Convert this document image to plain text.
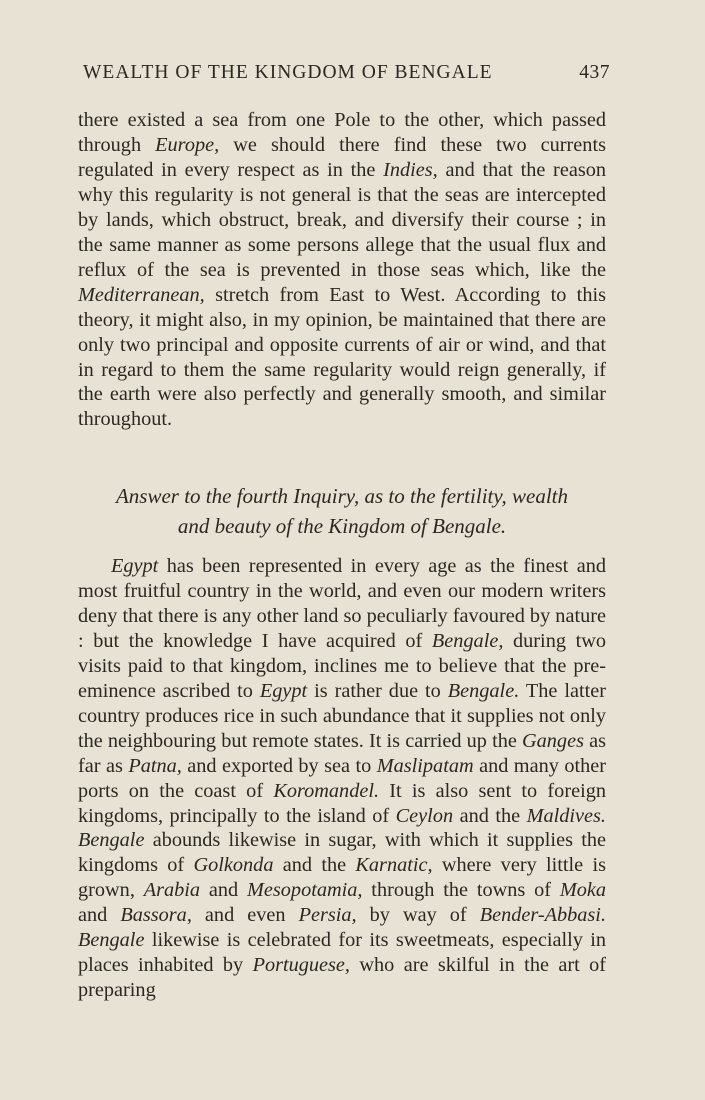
WEALTH OF THE KINGDOM OF BENGALE	437

there existed a sea from one Pole to the other, which passed through Europe, we should there find these two currents regulated in every respect as in the Indies, and that the reason why this regularity is not general is that the seas are intercepted by lands, which obstruct, break, and diversify their course ; in the same manner as some persons allege that the usual flux and reflux of the sea is prevented in those seas which, like the Mediterranean, stretch from East to West. According to this theory, it might also, in my opinion, be maintained that there are only two principal and opposite currents of air or wind, and that in regard to them the same regularity would reign generally, if the earth were also perfectly and generally smooth, and similar throughout.

Answer to the fourth Inquiry, as to the fertility, wealth

and beauty of the Kingdom of Bengale.

Egypt has been represented in every age as the finest and most fruitful country in the world, and even our modern writers deny that there is any other land so peculiarly favoured by nature : but the knowledge I have acquired of Bengale, during two visits paid to that kingdom, inclines me to believe that the pre-eminence ascribed to Egypt is rather due to Bengale. The latter country produces rice in such abundance that it supplies not only the neighbouring but remote states. It is carried up the Ganges as far as Patna, and exported by sea to Maslipatam and many other ports on the coast of Koromandel. It is also sent to foreign kingdoms, principally to the island of Ceylon and the Maldives. Bengale abounds likewise in sugar, with which it supplies the kingdoms of Golkonda and the Karnatic, where very little is grown, Arabia and Mesopotamia, through the towns of Moka and Bassora, and even Persia, by way of Bender-Abbasi. Bengale likewise is celebrated for its sweetmeats, especially in places inhabited by Portuguese, who are skilful in the art of preparing
